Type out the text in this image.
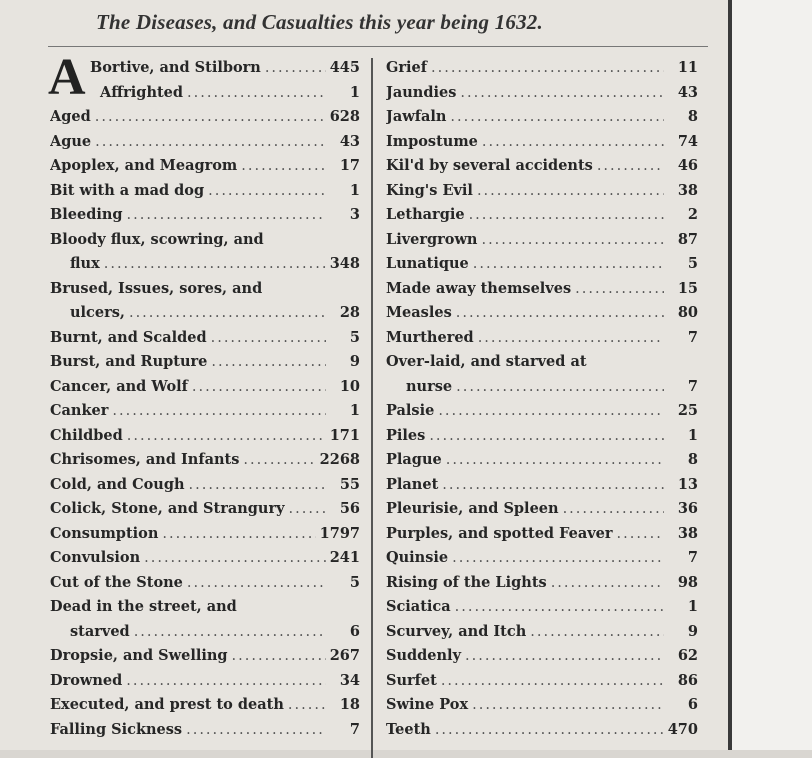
The Diseases, and Casualties this year being 1632.
A Bortive, and Stilborn .....	445
Affrighted .....	1
Aged .....	628
Ague .....	43
Apoplex, and Meagrom .....	17
Bit with a mad dog .....	1
Bleeding .....	3
Bloody flux, scowring, and
flux .....	348
Brused, Issues, sores, and
ulcers, .....	28
Burnt, and Scalded .....	5
Burst, and Rupture .....	9
Cancer, and Wolf .....	10
Canker .....	1
Childbed .....	171
Chrisomes, and Infants .....	2268
Cold, and Cough .....	55
Colick, Stone, and Strangury .....	56
Consumption .....	1797
Convulsion .....	241
Cut of the Stone .....	5
Dead in the street, and
starved .....	6
Dropsie, and Swelling .....	267
Drowned .....	34
Executed, and prest to death .....	18
Falling Sickness .....	7
Grief .....	11
Jaundies .....	43
Jawfaln .....	8
Impostume .....	74
Kil'd by several accidents .....	46
King's Evil .....	38
Lethargie .....	2
Livergrown .....	87
Lunatique .....	5
Made away themselves .....	15
Measles .....	80
Murthered .....	7
Over-laid, and starved at
nurse .....	7
Palsie .....	25
Piles .....	1
Plague .....	8
Planet .....	13
Pleurisie, and Spleen .....	36
Purples, and spotted Feaver .....	38
Quinsie .....	7
Rising of the Lights .....	98
Sciatica .....	1
Scurvey, and Itch .....	9
Suddenly .....	62
Surfet .....	86
Swine Pox .....	6
Teeth .....	470
